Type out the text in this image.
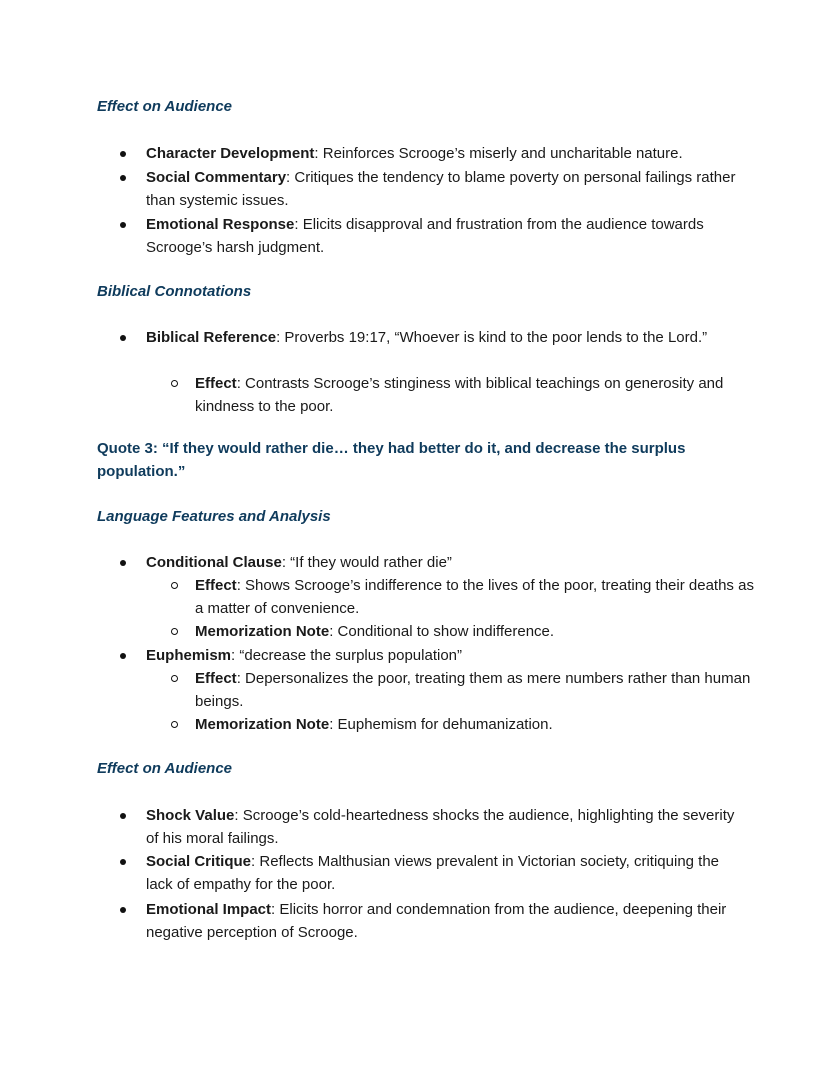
Effect on Audience

Character Development: Reinforces Scrooge’s miserly and uncharitable nature.
Social Commentary: Critiques the tendency to blame poverty on personal failings rather than systemic issues.
Emotional Response: Elicits disapproval and frustration from the audience towards Scrooge’s harsh judgment.

Biblical Connotations

Biblical Reference: Proverbs 19:17, “Whoever is kind to the poor lends to the Lord.”
Effect: Contrasts Scrooge’s stinginess with biblical teachings on generosity and kindness to the poor.

Quote 3: “If they would rather die… they had better do it, and decrease the surplus population.”

Language Features and Analysis

Conditional Clause: “If they would rather die”
Effect: Shows Scrooge’s indifference to the lives of the poor, treating their deaths as a matter of convenience.
Memorization Note: Conditional to show indifference.
Euphemism: “decrease the surplus population”
Effect: Depersonalizes the poor, treating them as mere numbers rather than human beings.
Memorization Note: Euphemism for dehumanization.

Effect on Audience

Shock Value: Scrooge’s cold-heartedness shocks the audience, highlighting the severity of his moral failings.
Social Critique: Reflects Malthusian views prevalent in Victorian society, critiquing the lack of empathy for the poor.
Emotional Impact: Elicits horror and condemnation from the audience, deepening their negative perception of Scrooge.
